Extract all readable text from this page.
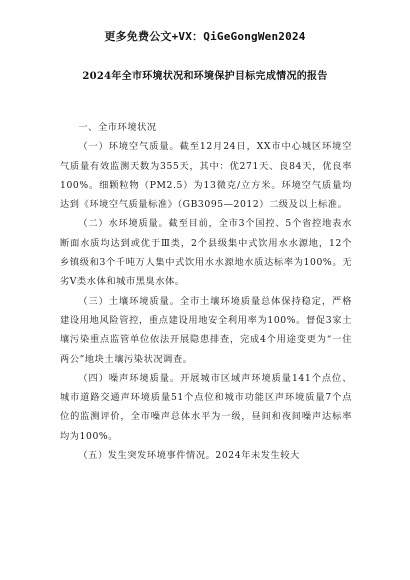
更多免费公文+VX：QiGeGongWen2024
2024年全市环境状况和环境保护目标完成情况的报告

一、全市环境状况

（一）环境空气质量。截至12月24日，XX市中心城区环境空气质量有效监测天数为355天，其中：优271天、良84天，优良率100%。细颗粒物（PM2.5）为13微克/立方米。环境空气质量均达到《环境空气质量标准》（GB3095—2012）二级及以上标准。

（二）水环境质量。截至目前，全市3个国控、5个省控地表水断面水质均达到或优于Ⅲ类，2个县级集中式饮用水水源地，12个乡镇级和3个千吨万人集中式饮用水水源地水质达标率为100%。无劣Ⅴ类水体和城市黑臭水体。

（三）土壤环境质量。全市土壤环境质量总体保持稳定，严格建设用地风险管控，重点建设用地安全利用率为100%。督促3家土壤污染重点监管单位依法开展隐患排查，完成4个用途变更为“一住两公”地块土壤污染状况调查。

（四）噪声环境质量。开展城市区域声环境质量141个点位、城市道路交通声环境质量51个点位和城市功能区声环境质量7个点位的监测评价，全市噪声总体水平为一级，昼间和夜间噪声达标率均为100%。

（五）发生突发环境事件情况。2024年未发生较大
